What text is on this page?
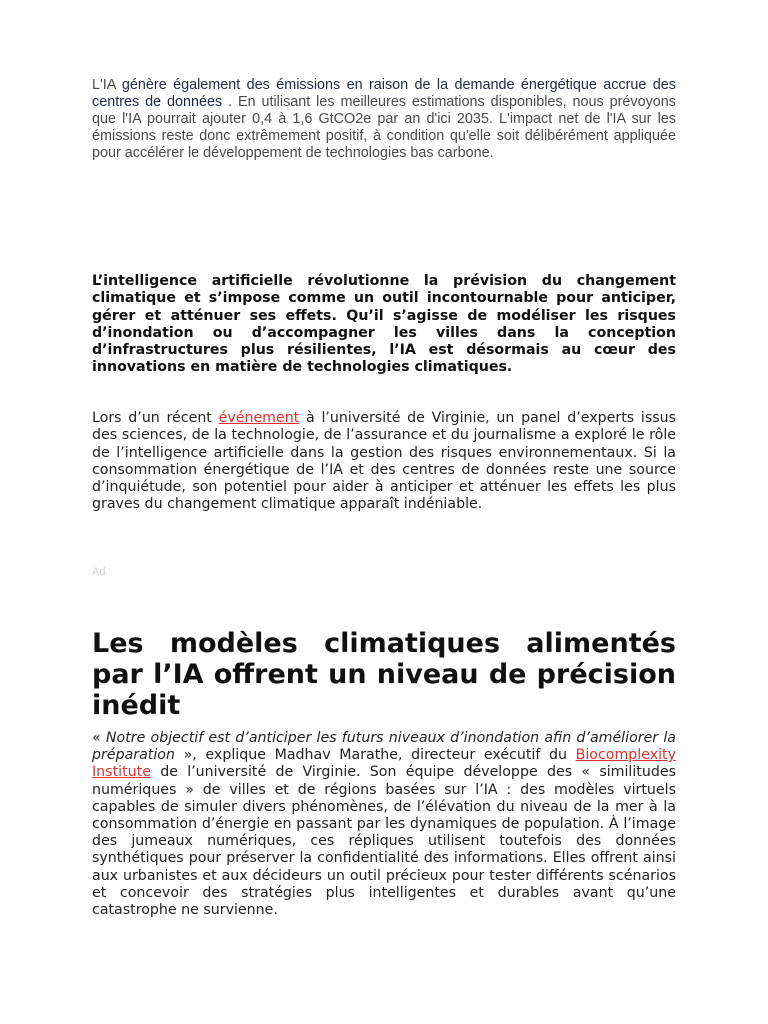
L'IA génère également des émissions en raison de la demande énergétique accrue des centres de données . En utilisant les meilleures estimations disponibles, nous prévoyons que l'IA pourrait ajouter 0,4 à 1,6 GtCO2e par an d'ici 2035. L'impact net de l'IA sur les émissions reste donc extrêmement positif, à condition qu'elle soit délibérément appliquée pour accélérer le développement de technologies bas carbone.

L’intelligence artificielle révolutionne la prévision du changement climatique et s’impose comme un outil incontournable pour anticiper, gérer et atténuer ses effets. Qu’il s’agisse de modéliser les risques d’inondation ou d’accompagner les villes dans la conception d’infrastructures plus résilientes, l’IA est désormais au cœur des innovations en matière de technologies climatiques.

Lors d’un récent événement à l’université de Virginie, un panel d’experts issus des sciences, de la technologie, de l’assurance et du journalisme a exploré le rôle de l’intelligence artificielle dans la gestion des risques environnementaux. Si la consommation énergétique de l’IA et des centres de données reste une source d’inquiétude, son potentiel pour aider à anticiper et atténuer les effets les plus graves du changement climatique apparaît indéniable.

Ad

Les modèles climatiques alimentés par l’IA offrent un niveau de précision inédit

« Notre objectif est d’anticiper les futurs niveaux d’inondation afin d’améliorer la préparation », explique Madhav Marathe, directeur exécutif du Biocomplexity Institute de l’université de Virginie. Son équipe développe des « similitudes numériques » de villes et de régions basées sur l’IA : des modèles virtuels capables de simuler divers phénomènes, de l’élévation du niveau de la mer à la consommation d’énergie en passant par les dynamiques de population. À l’image des jumeaux numériques, ces répliques utilisent toutefois des données synthétiques pour préserver la confidentialité des informations. Elles offrent ainsi aux urbanistes et aux décideurs un outil précieux pour tester différents scénarios et concevoir des stratégies plus intelligentes et durables avant qu’une catastrophe ne survienne.
